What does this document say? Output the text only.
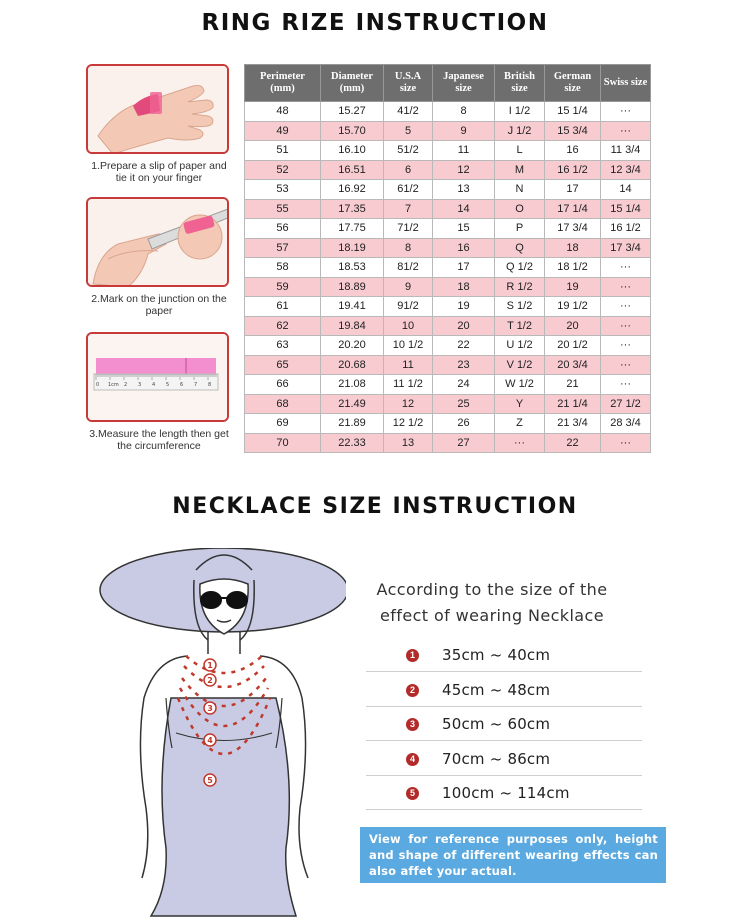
RING RIZE INSTRUCTION
1.Prepare a slip of paper and tie it on your finger
2.Mark on the junction on the paper
0 1cm 2 3 4 5 6 7 8
3.Measure the length then get the circumference
Perimeter (mm)	Diameter (mm)	U.S.A size	Japanese size	British size	German size	Swiss size
48	15.27	41/2	8	I 1/2	15 1/4	···
49	15.70	5	9	J 1/2	15 3/4	···
51	16.10	51/2	11	L	16	11 3/4
52	16.51	6	12	M	16 1/2	12 3/4
53	16.92	61/2	13	N	17	14
55	17.35	7	14	O	17 1/4	15 1/4
56	17.75	71/2	15	P	17 3/4	16 1/2
57	18.19	8	16	Q	18	17 3/4
58	18.53	81/2	17	Q 1/2	18 1/2	···
59	18.89	9	18	R 1/2	19	···
61	19.41	91/2	19	S 1/2	19 1/2	···
62	19.84	10	20	T 1/2	20	···
63	20.20	10 1/2	22	U 1/2	20 1/2	···
65	20.68	11	23	V 1/2	20 3/4	···
66	21.08	11 1/2	24	W 1/2	21	···
68	21.49	12	25	Y	21 1/4	27 1/2
69	21.89	12 1/2	26	Z	21 3/4	28 3/4
70	22.33	13	27	···	22	···
NECKLACE SIZE INSTRUCTION
1
2
3
4
5
According to the size of the
effect of wearing Necklace
1 35cm ~ 40cm
2 45cm ~ 48cm
3 50cm ~ 60cm
4 70cm ~ 86cm
5 100cm ~ 114cm
View for reference purposes only, height and shape of different wearing effects can also affet your actual.
